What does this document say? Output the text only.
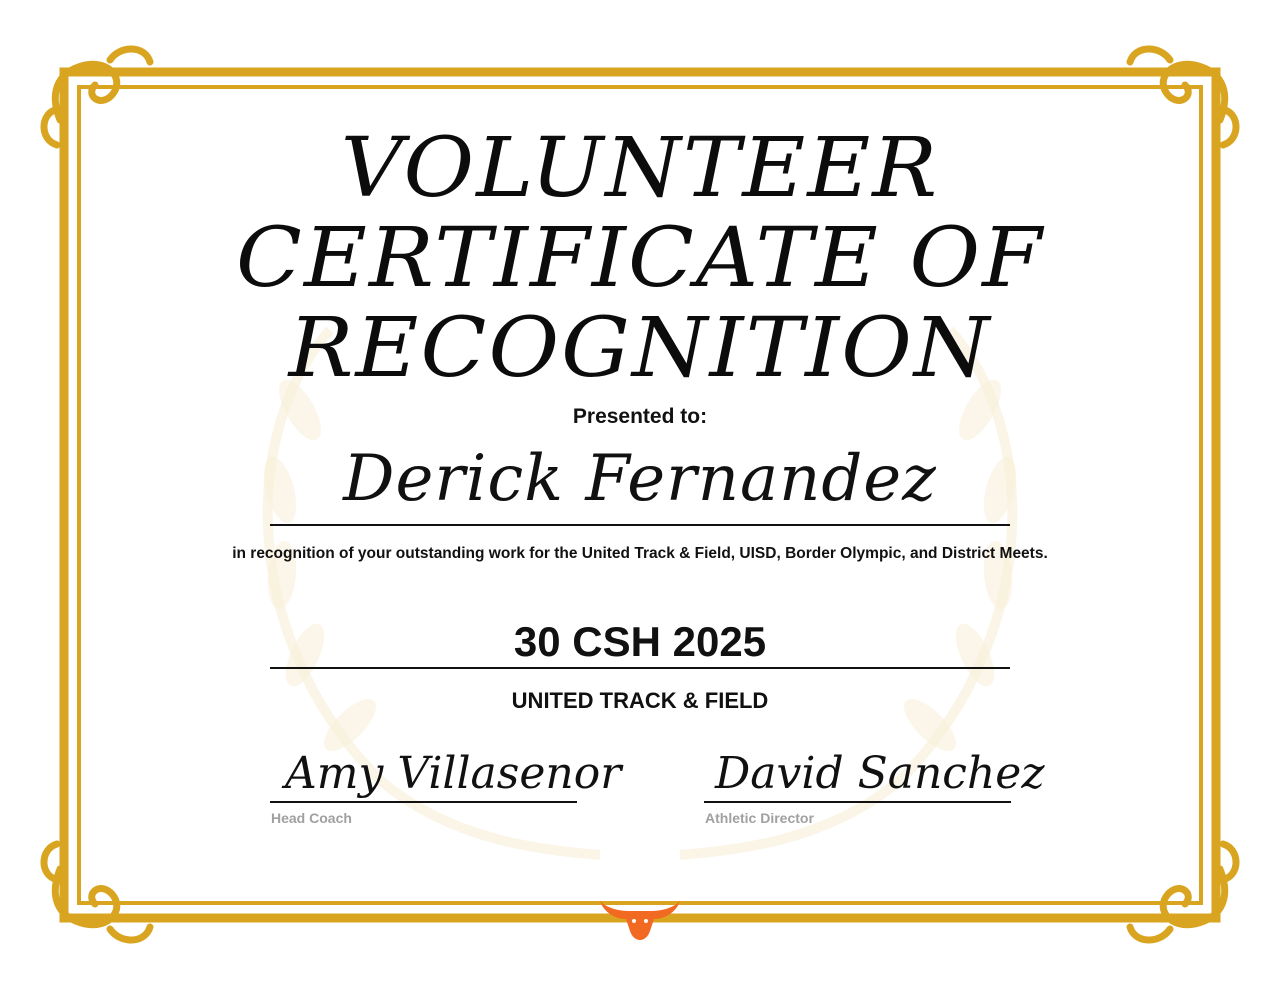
VOLUNTEER
CERTIFICATE OF
RECOGNITION
Presented to:
Derick Fernandez
in recognition of your outstanding work for the United Track & Field, UISD, Border Olympic, and District Meets.
30 CSH 2025
UNITED TRACK & FIELD
Amy Villasenor
Head Coach
David Sanchez
Athletic Director
